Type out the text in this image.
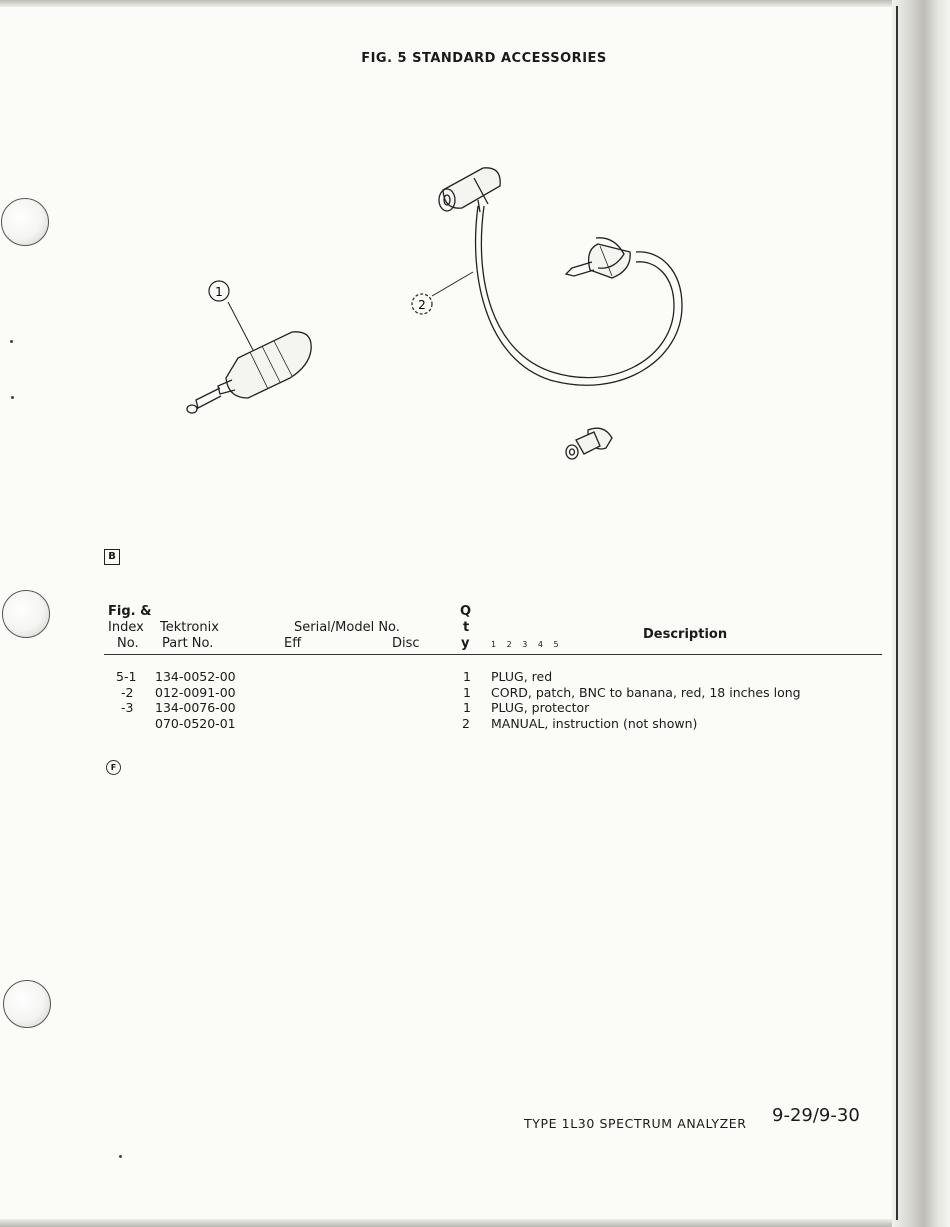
FIG. 5 STANDARD ACCESSORIES
1
2
B
Fig. &
Index
No.
Tektronix
Part No.
Serial/Model No.
Eff	Disc
Q
t
y	1 2 3 4 5
Description
5-1 134-0052-00	1 PLUG, red
-2 012-0091-00	1 CORD, patch, BNC to banana, red, 18 inches long
-3 134-0076-00	1 PLUG, protector
070-0520-01	2 MANUAL, instruction (not shown)
F
TYPE 1L30 SPECTRUM ANALYZER 9-29/9-30
